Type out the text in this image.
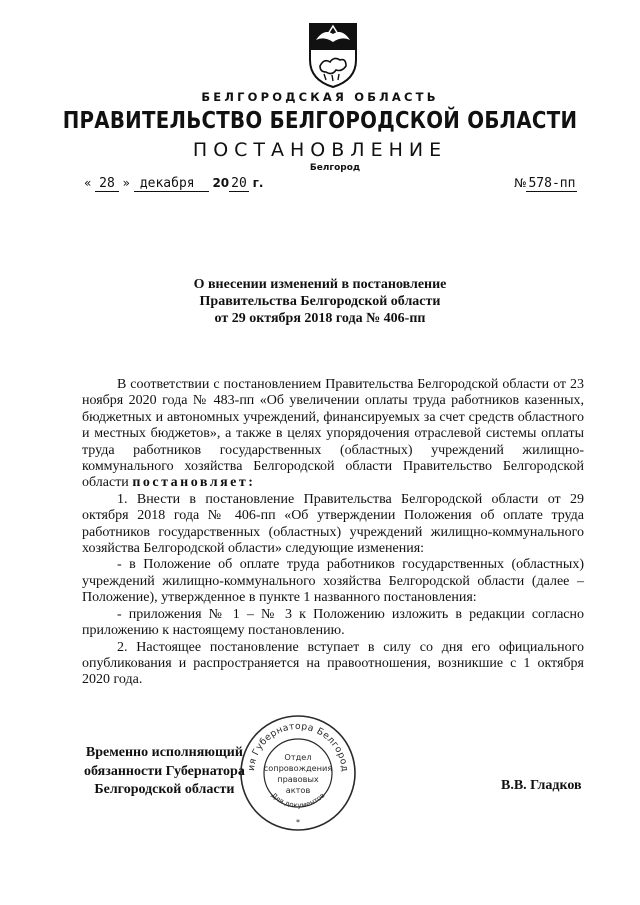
БЕЛГОРОДСКАЯ ОБЛАСТЬ
ПРАВИТЕЛЬСТВО БЕЛГОРОДСКОЙ ОБЛАСТИ
ПОСТАНОВЛЕНИЕ
Белгород
« 28 » декабря 20 20 г.	№ 578-пп
О внесении изменений в постановление
Правительства Белгородской области
от 29 октября 2018 года № 406-пп

В соответствии с постановлением Правительства Белгородской области от 23 ноября 2020 года № 483-пп «Об увеличении оплаты труда работников казенных, бюджетных и автономных учреждений, финансируемых за счет средств областного и местных бюджетов», а также в целях упорядочения отраслевой системы оплаты труда работников государственных (областных) учреждений жилищно-коммунального хозяйства Белгородской области Правительство Белгородской области постановляет:

1. Внести в постановление Правительства Белгородской области от 29 октября 2018 года № 406-пп «Об утверждении Положения об оплате труда работников государственных (областных) учреждений жилищно-коммунального хозяйства Белгородской области» следующие изменения:

- в Положение об оплате труда работников государственных (областных) учреждений жилищно-коммунального хозяйства Белгородской области (далее – Положение), утвержденное в пункте 1 названного постановления:

- приложения № 1 – № 3 к Положению изложить в редакции согласно приложению к настоящему постановлению.

2. Настоящее постановление вступает в силу со дня его официального опубликования и распространяется на правоотношения, возникшие с 1 октября 2020 года.

ия Губернатора Белгород
Для документов
Отдел
сопровождения
правовых
актов
*
Временно исполняющий
обязанности Губернатора
Белгородской области	В.В. Гладков
